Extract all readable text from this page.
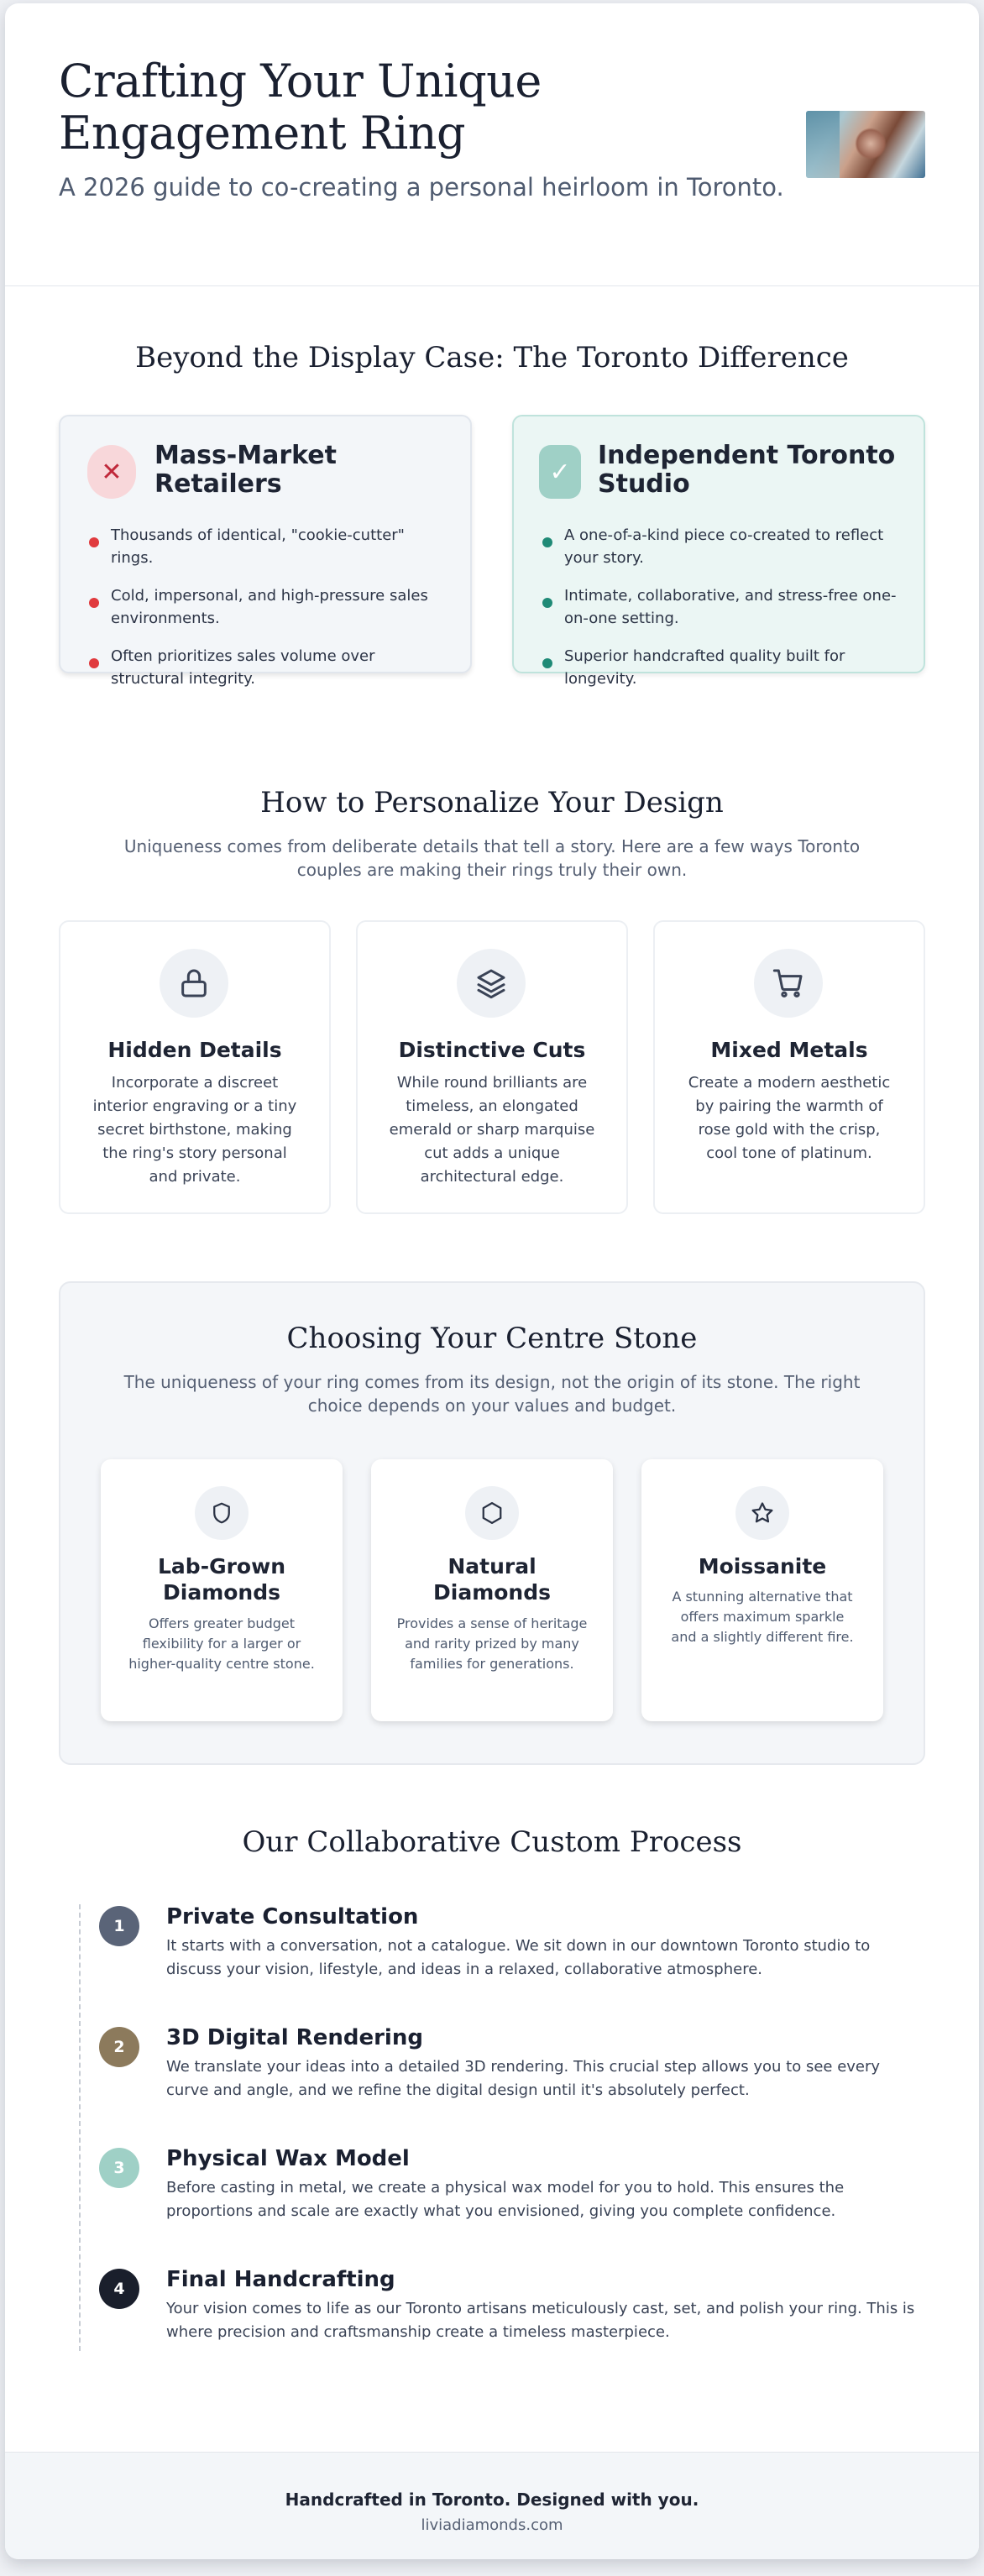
Crafting Your Unique Engagement Ring
A 2026 guide to co-creating a personal heirloom in Toronto.
Beyond the Display Case: The Toronto Difference
✕
Mass-Market Retailers
Thousands of identical, "cookie-cutter" rings.
Cold, impersonal, and high-pressure sales environments.
Often prioritizes sales volume over structural integrity.
✓
Independent Toronto Studio
A one-of-a-kind piece co-created to reflect your story.
Intimate, collaborative, and stress-free one-on-one setting.
Superior handcrafted quality built for longevity.
How to Personalize Your Design
Uniqueness comes from deliberate details that tell a story. Here are a few ways Toronto couples are making their rings truly their own.
Hidden Details

Incorporate a discreet interior engraving or a tiny secret birthstone, making the ring's story personal and private.

Distinctive Cuts

While round brilliants are timeless, an elongated emerald or sharp marquise cut adds a unique architectural edge.

Mixed Metals

Create a modern aesthetic by pairing the warmth of rose gold with the crisp, cool tone of platinum.

Choosing Your Centre Stone
The uniqueness of your ring comes from its design, not the origin of its stone. The right choice depends on your values and budget.
Lab-Grown Diamonds

Offers greater budget flexibility for a larger or higher-quality centre stone.

Natural Diamonds

Provides a sense of heritage and rarity prized by many families for generations.

Moissanite

A stunning alternative that offers maximum sparkle and a slightly different fire.

Our Collaborative Custom Process
1	Private Consultation
It starts with a conversation, not a catalogue. We sit down in our downtown Toronto studio to discuss your vision, lifestyle, and ideas in a relaxed, collaborative atmosphere.
2	3D Digital Rendering
We translate your ideas into a detailed 3D rendering. This crucial step allows you to see every curve and angle, and we refine the digital design until it's absolutely perfect.
3	Physical Wax Model
Before casting in metal, we create a physical wax model for you to hold. This ensures the proportions and scale are exactly what you envisioned, giving you complete confidence.
4	Final Handcrafting
Your vision comes to life as our Toronto artisans meticulously cast, set, and polish your ring. This is where precision and craftsmanship create a timeless masterpiece.
Handcrafted in Toronto. Designed with you.
liviadiamonds.com
